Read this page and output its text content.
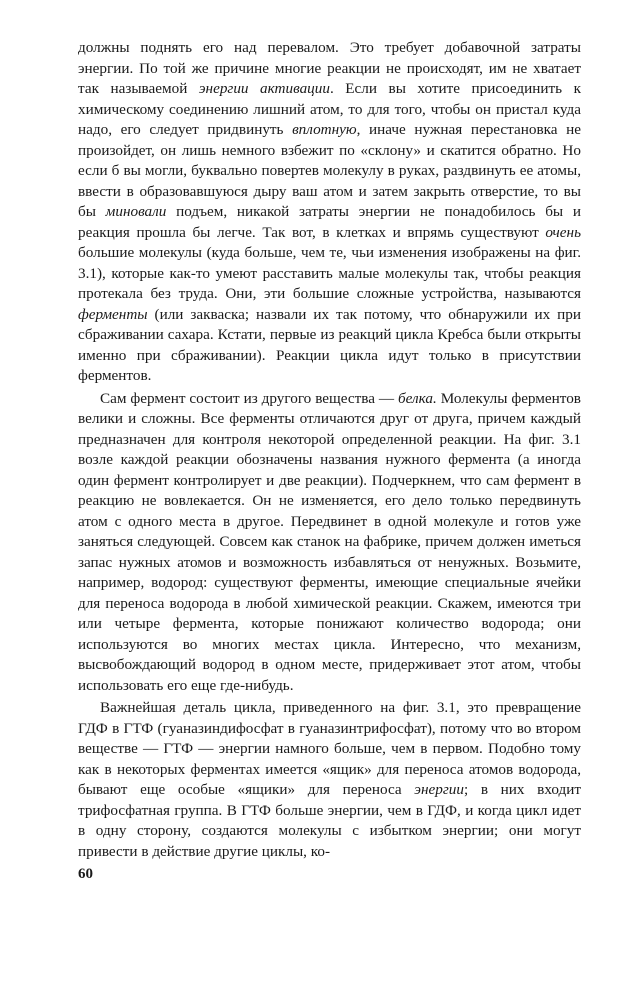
должны поднять его над перевалом. Это требует добавочной затраты энергии. По той же причине многие реакции не происходят, им не хватает так называемой энергии активации. Если вы хотите присоединить к химическому соединению лишний атом, то для того, чтобы он пристал куда надо, его следует придвинуть вплотную, иначе нужная перестановка не произойдет, он лишь немного взбежит по «склону» и скатится обратно. Но если б вы могли, буквально повертев молекулу в руках, раздвинуть ее атомы, ввести в образовавшуюся дыру ваш атом и затем закрыть отверстие, то вы бы миновали подъем, никакой затраты энергии не понадобилось бы и реакция прошла бы легче. Так вот, в клетках и впрямь существуют очень большие молекулы (куда больше, чем те, чьи изменения изображены на фиг. 3.1), которые как-то умеют расставить малые молекулы так, чтобы реакция протекала без труда. Они, эти большие сложные устройства, называются ферменты (или закваска; назвали их так потому, что обнаружили их при сбраживании сахара. Кстати, первые из реакций цикла Кребса были открыты именно при сбраживании). Реакции цикла идут только в присутствии ферментов.

Сам фермент состоит из другого вещества — белка. Молекулы ферментов велики и сложны. Все ферменты отличаются друг от друга, причем каждый предназначен для контроля некоторой определенной реакции. На фиг. 3.1 возле каждой реакции обозначены названия нужного фермента (а иногда один фермент контролирует и две реакции). Подчеркнем, что сам фермент в реакцию не вовлекается. Он не изменяется, его дело только передвинуть атом с одного места в другое. Передвинет в одной молекуле и готов уже заняться следующей. Совсем как станок на фабрике, причем должен иметься запас нужных атомов и возможность избавляться от ненужных. Возьмите, например, водород: существуют ферменты, имеющие специальные ячейки для переноса водорода в любой химической реакции. Скажем, имеются три или четыре фермента, которые понижают количество водорода; они используются во многих местах цикла. Интересно, что механизм, высвобождающий водород в одном месте, придерживает этот атом, чтобы использовать его еще где-нибудь.

Важнейшая деталь цикла, приведенного на фиг. 3.1, это превращение ГДФ в ГТФ (гуаназиндифосфат в гуаназинтрифосфат), потому что во втором веществе — ГТФ — энергии намного больше, чем в первом. Подобно тому как в некоторых ферментах имеется «ящик» для переноса атомов водорода, бывают еще особые «ящики» для переноса энергии; в них входит трифосфатная группа. В ГТФ больше энергии, чем в ГДФ, и когда цикл идет в одну сторону, создаются молекулы с избытком энергии; они могут привести в действие другие циклы, ко-

60
